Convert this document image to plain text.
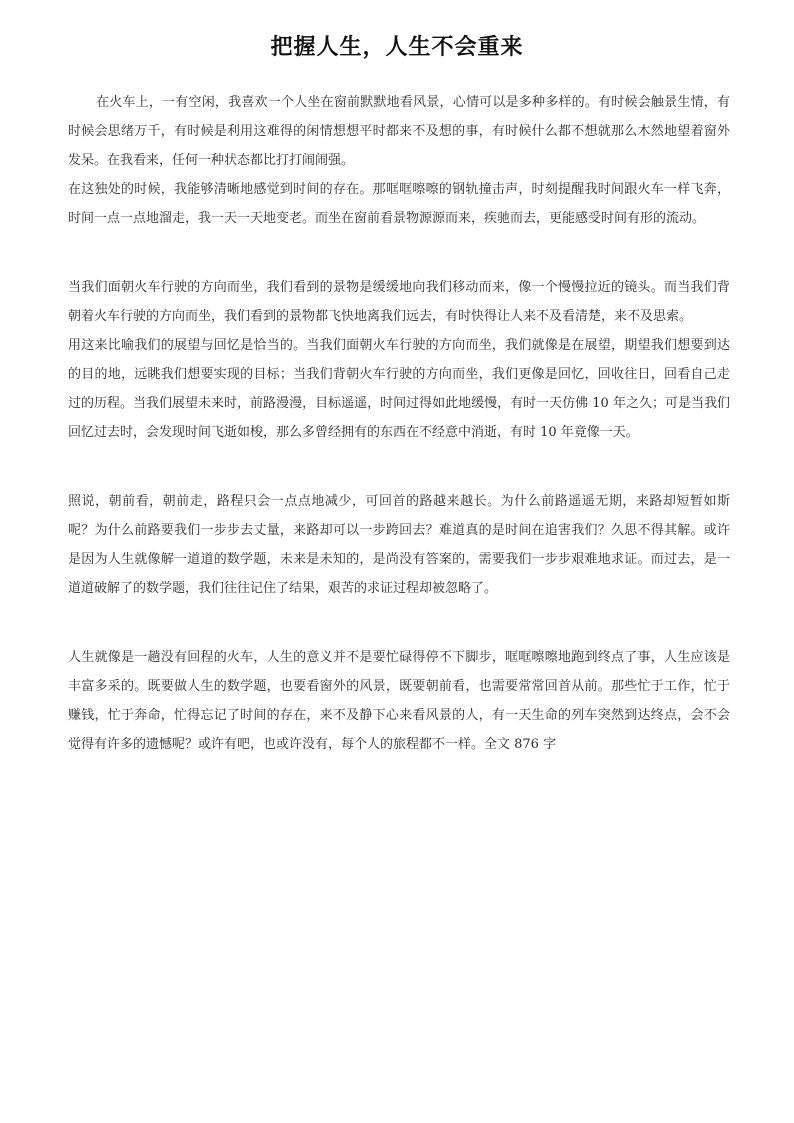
把握人生，人生不会重来

在火车上，一有空闲，我喜欢一个人坐在窗前默默地看风景，心情可以是多种多样的。有时候会触景生情，有时候会思绪万千，有时候是利用这难得的闲情想想平时都来不及想的事，有时候什么都不想就那么木然地望着窗外发呆。在我看来，任何一种状态都比打打闹闹强。

在这独处的时候，我能够清晰地感觉到时间的存在。那哐哐嚓嚓的钢轨撞击声，时刻提醒我时间跟火车一样飞奔，时间一点一点地溜走，我一天一天地变老。而坐在窗前看景物源源而来，疾驰而去，更能感受时间有形的流动。

当我们面朝火车行驶的方向而坐，我们看到的景物是缓缓地向我们移动而来，像一个慢慢拉近的镜头。而当我们背朝着火车行驶的方向而坐，我们看到的景物都飞快地离我们远去，有时快得让人来不及看清楚，来不及思索。

用这来比喻我们的展望与回忆是恰当的。当我们面朝火车行驶的方向而坐，我们就像是在展望，期望我们想要到达的目的地，远眺我们想要实现的目标；当我们背朝火车行驶的方向而坐，我们更像是回忆，回收往日，回看自己走过的历程。当我们展望未来时，前路漫漫，目标遥遥，时间过得如此地缓慢，有时一天仿佛 10 年之久；可是当我们回忆过去时，会发现时间飞逝如梭，那么多曾经拥有的东西在不经意中消逝，有时 10 年竟像一天。

照说，朝前看，朝前走，路程只会一点点地减少，可回首的路越来越长。为什么前路遥遥无期，来路却短暂如斯呢？为什么前路要我们一步步去丈量，来路却可以一步跨回去？难道真的是时间在追害我们？久思不得其解。或许是因为人生就像解一道道的数学题，未来是未知的，是尚没有答案的，需要我们一步步艰难地求证。而过去，是一道道破解了的数学题，我们往往记住了结果，艰苦的求证过程却被忽略了。

人生就像是一趟没有回程的火车，人生的意义并不是要忙碌得停不下脚步，哐哐嚓嚓地跑到终点了事，人生应该是丰富多采的。既要做人生的数学题，也要看窗外的风景，既要朝前看，也需要常常回首从前。那些忙于工作，忙于赚钱，忙于奔命，忙得忘记了时间的存在，来不及静下心来看风景的人，有一天生命的列车突然到达终点，会不会觉得有许多的遗憾呢？或许有吧，也或许没有，每个人的旅程都不一样。全文 876 字
